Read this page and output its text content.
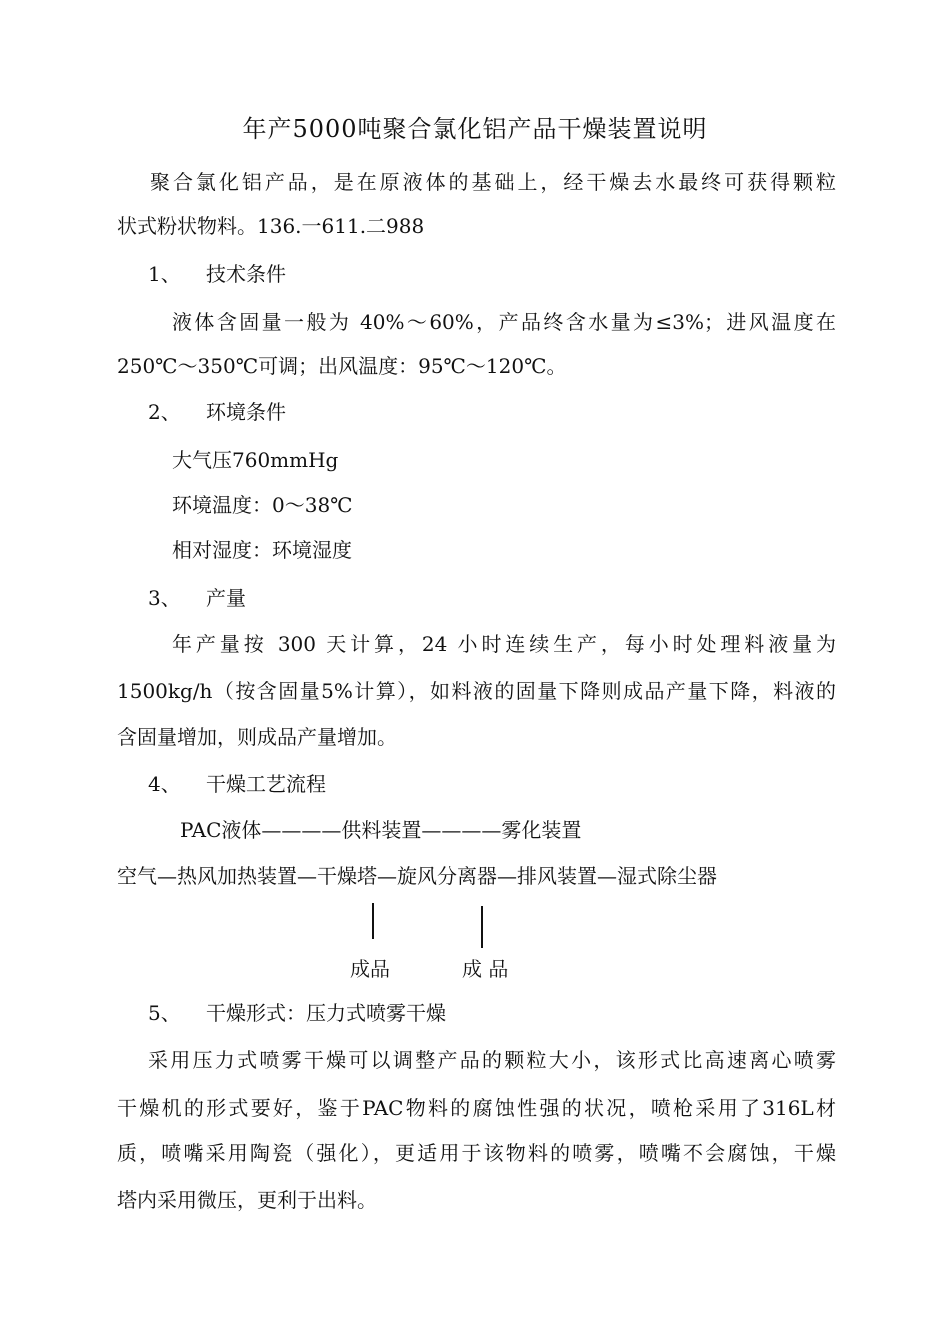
年产5000吨聚合氯化铝产品干燥装置说明
聚合氯化铝产品，是在原液体的基础上，经干燥去水最终可获得颗粒
状式粉状物料。136.一611.二988
1、 技术条件
液体含固量一般为 40%～60%，产品终含水量为≤3%；进风温度在
250℃～350℃可调；出风温度：95℃～120℃。
2、 环境条件
大气压760mmHg
环境温度：0～38℃
相对湿度：环境湿度
3、 产量
年产量按 300 天计算，24 小时连续生产，每小时处理料液量为
1500kg/h（按含固量5%计算），如料液的固量下降则成品产量下降，料液的
含固量增加，则成品产量增加。
4、 干燥工艺流程
PAC液体————供料装置————雾化装置
空气—热风加热装置—干燥塔—旋风分离器—排风装置—湿式除尘器
成品	成 品
5、 干燥形式：压力式喷雾干燥
采用压力式喷雾干燥可以调整产品的颗粒大小，该形式比高速离心喷雾
干燥机的形式要好，鉴于PAC物料的腐蚀性强的状况，喷枪采用了316L材
质，喷嘴采用陶瓷（强化），更适用于该物料的喷雾，喷嘴不会腐蚀，干燥
塔内采用微压，更利于出料。
